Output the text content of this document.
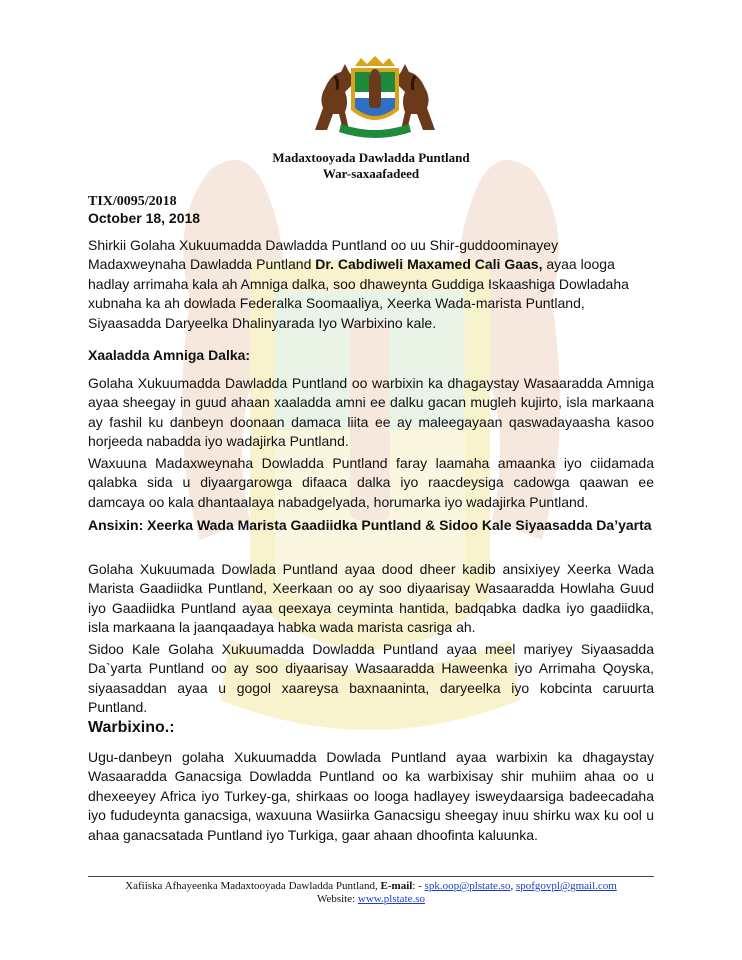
Madaxtooyada Dawladda Puntland
War-saxaafadeed
TIX/0095/2018
October 18, 2018
Shirkii Golaha Xukuumadda Dawladda Puntland oo uu Shir-guddoominayey Madaxweynaha Dawladda Puntland Dr. Cabdiweli Maxamed Cali Gaas, ayaa looga hadlay arrimaha kala ah Amniga dalka, soo dhaweynta Guddiga Iskaashiga Dowladaha xubnaha ka ah dowlada Federalka Soomaaliya, Xeerka Wada-marista Puntland, Siyaasadda Daryeelka Dhalinyarada Iyo Warbixino kale.
Xaaladda Amniga Dalka:
Golaha Xukuumadda Dawladda Puntland oo warbixin ka dhagaystay Wasaaradda Amniga ayaa sheegay in guud ahaan xaaladda amni ee dalku gacan mugleh kujirto, isla markaana ay fashil ku danbeyn doonaan damaca liita ee ay maleegayaan qaswadayaasha kasoo horjeeda nabadda iyo wadajirka Puntland.
Waxuuna Madaxweynaha Dowladda Puntland faray laamaha amaanka iyo ciidamada qalabka sida u diyaargarowga difaaca dalka iyo raacdeysiga cadowga qaawan ee damcaya oo kala dhantaalaya nabadgelyada, horumarka iyo wadajirka Puntland.
Ansixin: Xeerka Wada Marista Gaadiidka Puntland & Sidoo Kale Siyaasadda Da’yarta
Golaha Xukuumada Dowlada Puntland ayaa dood dheer kadib ansixiyey Xeerka Wada Marista Gaadiidka Puntland, Xeerkaan oo ay soo diyaarisay Wasaaradda Howlaha Guud iyo Gaadiidka Puntland ayaa qeexaya ceyminta hantida, badqabka dadka iyo gaadiidka, isla markaana la jaanqaadaya habka wada marista casriga ah.
Sidoo Kale Golaha Xukuumadda Dowladda Puntland ayaa meel mariyey Siyaasadda Da`yarta Puntland oo ay soo diyaarisay Wasaaradda Haweenka iyo Arrimaha Qoyska, siyaasaddan ayaa u gogol xaareysa baxnaaninta, daryeelka iyo kobcinta caruurta Puntland.
Warbixino.:
Ugu-danbeyn golaha Xukuumadda Dowlada Puntland ayaa warbixin ka dhagaystay Wasaaradda Ganacsiga Dowladda Puntland oo ka warbixisay shir muhiim ahaa oo u dhexeeyey Africa iyo Turkey-ga, shirkaas oo looga hadlayey isweydaarsiga badeecadaha iyo fududeynta ganacsiga, waxuuna Wasiirka Ganacsigu sheegay inuu shirku wax ku ool u ahaa ganacsatada Puntland iyo Turkiga, gaar ahaan dhoofinta kaluunka.
Xafiiska Afhayeenka Madaxtooyada Dawladda Puntland, E-mail: - spk.oop@plstate.so, spofgovpl@gmail.com
Website: www.plstate.so
